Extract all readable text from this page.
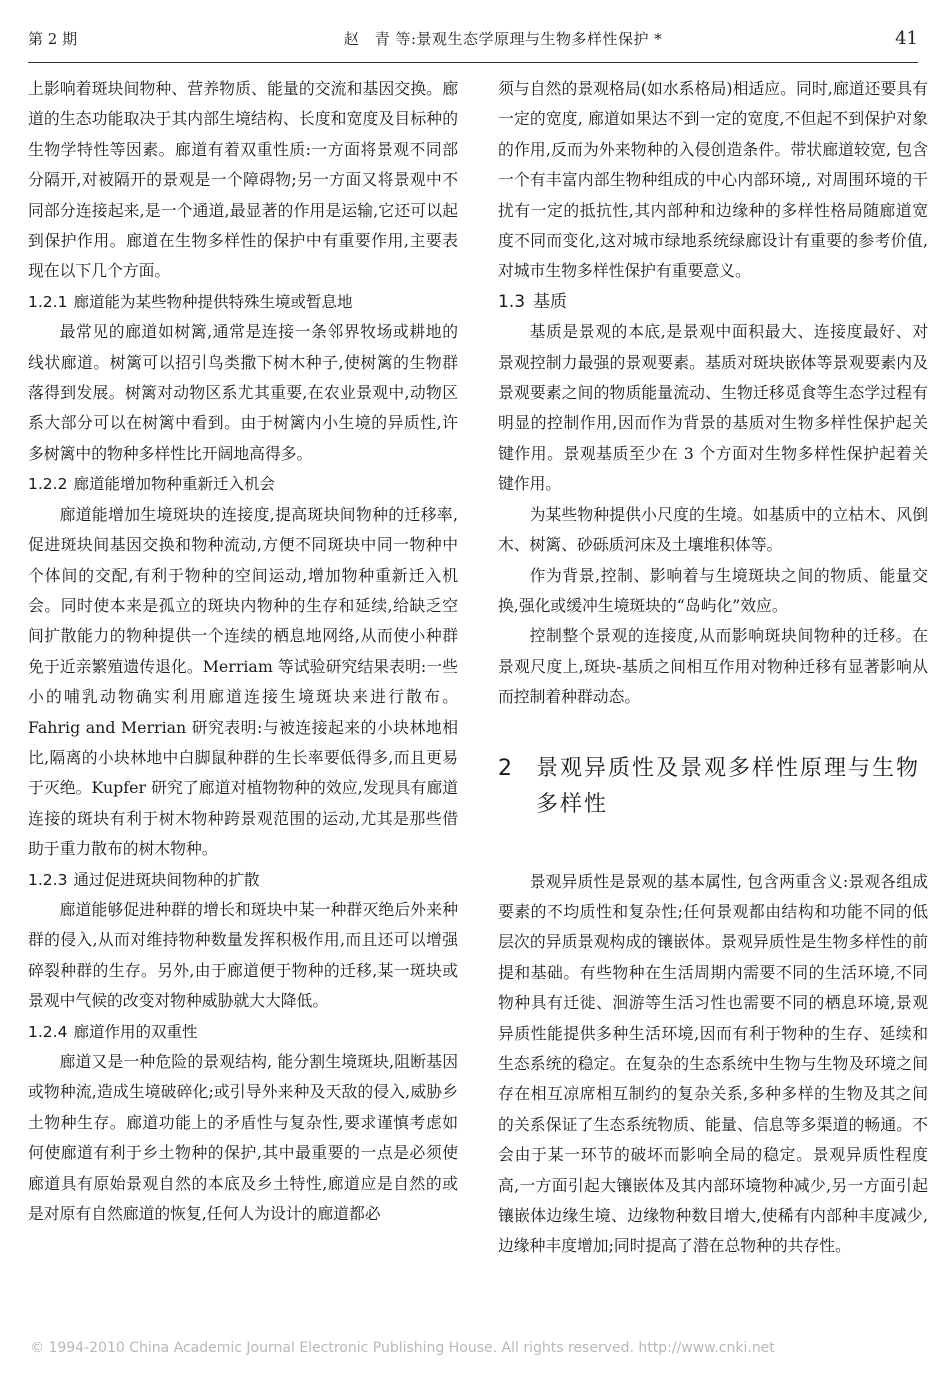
第 2 期	赵　青 等:景观生态学原理与生物多样性保护 *	41

上影响着斑块间物种、营养物质、能量的交流和基因交换。廊道的生态功能取决于其内部生境结构、长度和宽度及目标种的生物学特性等因素。廊道有着双重性质:一方面将景观不同部分隔开,对被隔开的景观是一个障碍物;另一方面又将景观中不同部分连接起来,是一个通道,最显著的作用是运输,它还可以起到保护作用。廊道在生物多样性的保护中有重要作用,主要表现在以下几个方面。

1.2.1 廊道能为某些物种提供特殊生境或暂息地

最常见的廊道如树篱,通常是连接一条邻界牧场或耕地的线状廊道。树篱可以招引鸟类撒下树木种子,使树篱的生物群落得到发展。树篱对动物区系尤其重要,在农业景观中,动物区系大部分可以在树篱中看到。由于树篱内小生境的异质性,许多树篱中的物种多样性比开阔地高得多。

1.2.2 廊道能增加物种重新迁入机会

廊道能增加生境斑块的连接度,提高斑块间物种的迁移率, 促进斑块间基因交换和物种流动,方便不同斑块中同一物种中个体间的交配,有利于物种的空间运动,增加物种重新迁入机会。同时使本来是孤立的斑块内物种的生存和延续,给缺乏空间扩散能力的物种提供一个连续的栖息地网络,从而使小种群免于近亲繁殖遗传退化。Merriam 等试验研究结果表明:一些小的哺乳动物确实利用廊道连接生境斑块来进行散布。Fahrig and Merrian 研究表明:与被连接起来的小块林地相比,隔离的小块林地中白脚鼠种群的生长率要低得多,而且更易于灭绝。Kupfer 研究了廊道对植物物种的效应,发现具有廊道连接的斑块有利于树木物种跨景观范围的运动,尤其是那些借助于重力散布的树木物种。

1.2.3 通过促进斑块间物种的扩散

廊道能够促进种群的增长和斑块中某一种群灭绝后外来种群的侵入,从而对维持物种数量发挥积极作用,而且还可以增强碎裂种群的生存。另外,由于廊道便于物种的迁移,某一斑块或景观中气候的改变对物种威胁就大大降低。

1.2.4 廊道作用的双重性

廊道又是一种危险的景观结构, 能分割生境斑块,阻断基因或物种流,造成生境破碎化;或引导外来种及天敌的侵入,威胁乡土物种生存。廊道功能上的矛盾性与复杂性,要求谨慎考虑如何使廊道有利于乡土物种的保护,其中最重要的一点是必须使廊道具有原始景观自然的本底及乡土特性,廊道应是自然的或是对原有自然廊道的恢复,任何人为设计的廊道都必

须与自然的景观格局(如水系格局)相适应。同时,廊道还要具有一定的宽度, 廊道如果达不到一定的宽度,不但起不到保护对象的作用,反而为外来物种的入侵创造条件。带状廊道较宽, 包含一个有丰富内部生物种组成的中心内部环境,, 对周围环境的干扰有一定的抵抗性,其内部种和边缘种的多样性格局随廊道宽度不同而变化,这对城市绿地系统绿廊设计有重要的参考价值,对城市生物多样性保护有重要意义。

1.3 基质

基质是景观的本底,是景观中面积最大、连接度最好、对景观控制力最强的景观要素。基质对斑块嵌体等景观要素内及景观要素之间的物质能量流动、生物迁移觅食等生态学过程有明显的控制作用,因而作为背景的基质对生物多样性保护起关键作用。景观基质至少在 3 个方面对生物多样性保护起着关键作用。

为某些物种提供小尺度的生境。如基质中的立枯木、风倒木、树篱、砂砾质河床及土壤堆积体等。

作为背景,控制、影响着与生境斑块之间的物质、能量交换,强化或缓冲生境斑块的“岛屿化”效应。

控制整个景观的连接度,从而影响斑块间物种的迁移。在景观尺度上,斑块-基质之间相互作用对物种迁移有显著影响从而控制着种群动态。

2	景观异质性及景观多样性原理与生物多样性

景观异质性是景观的基本属性, 包含两重含义:景观各组成要素的不均质性和复杂性;任何景观都由结构和功能不同的低层次的异质景观构成的镶嵌体。景观异质性是生物多样性的前提和基础。有些物种在生活周期内需要不同的生活环境,不同物种具有迁徙、洄游等生活习性也需要不同的栖息环境,景观异质性能提供多种生活环境,因而有利于物种的生存、延续和生态系统的稳定。在复杂的生态系统中生物与生物及环境之间存在相互凉席相互制约的复杂关系,多种多样的生物及其之间的关系保证了生态系统物质、能量、信息等多渠道的畅通。不会由于某一环节的破坏而影响全局的稳定。景观异质性程度高,一方面引起大镶嵌体及其内部环境物种减少,另一方面引起镶嵌体边缘生境、边缘物种数目增大,使稀有内部种丰度减少,边缘种丰度增加;同时提高了潜在总物种的共存性。

© 1994-2010 China Academic Journal Electronic Publishing House. All rights reserved. http://www.cnki.net
